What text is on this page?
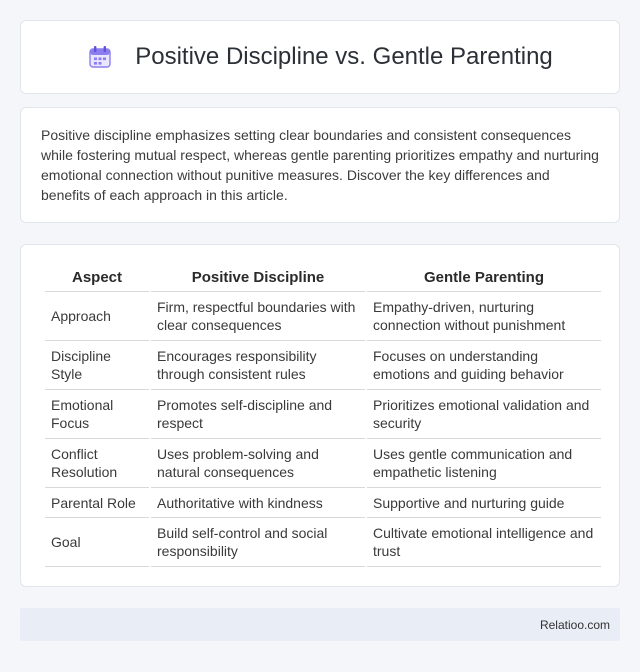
Positive Discipline vs. Gentle Parenting

Positive discipline emphasizes setting clear boundaries and consistent consequences while fostering mutual respect, whereas gentle parenting prioritizes empathy and nurturing emotional connection without punitive measures. Discover the key differences and benefits of each approach in this article.

Aspect	Positive Discipline	Gentle Parenting
Approach	Firm, respectful boundaries with clear consequences	Empathy-driven, nurturing connection without punishment
Discipline Style	Encourages responsibility through consistent rules	Focuses on understanding emotions and guiding behavior
Emotional Focus	Promotes self-discipline and respect	Prioritizes emotional validation and security
Conflict Resolution	Uses problem-solving and natural consequences	Uses gentle communication and empathetic listening
Parental Role	Authoritative with kindness	Supportive and nurturing guide
Goal	Build self-control and social responsibility	Cultivate emotional intelligence and trust
Relatioo.com
